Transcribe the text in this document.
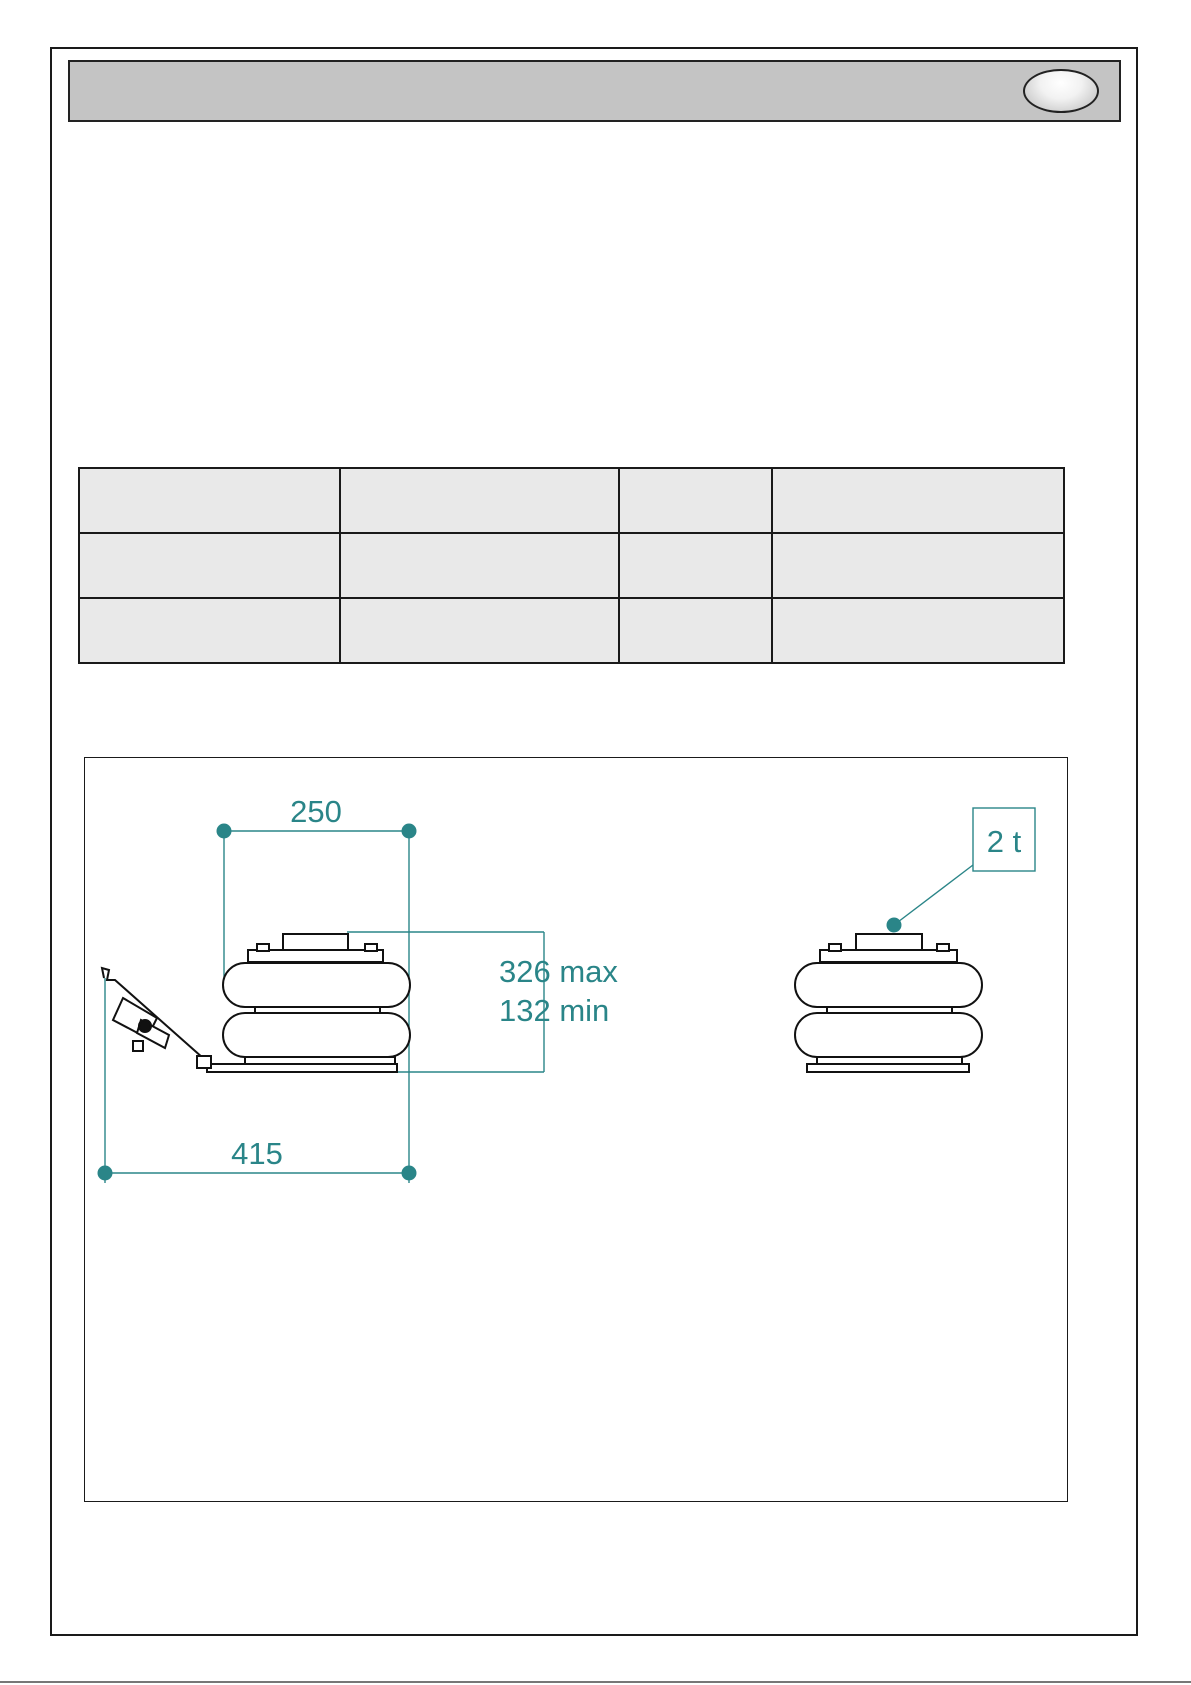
250
326 max
132 min
415
2 t
